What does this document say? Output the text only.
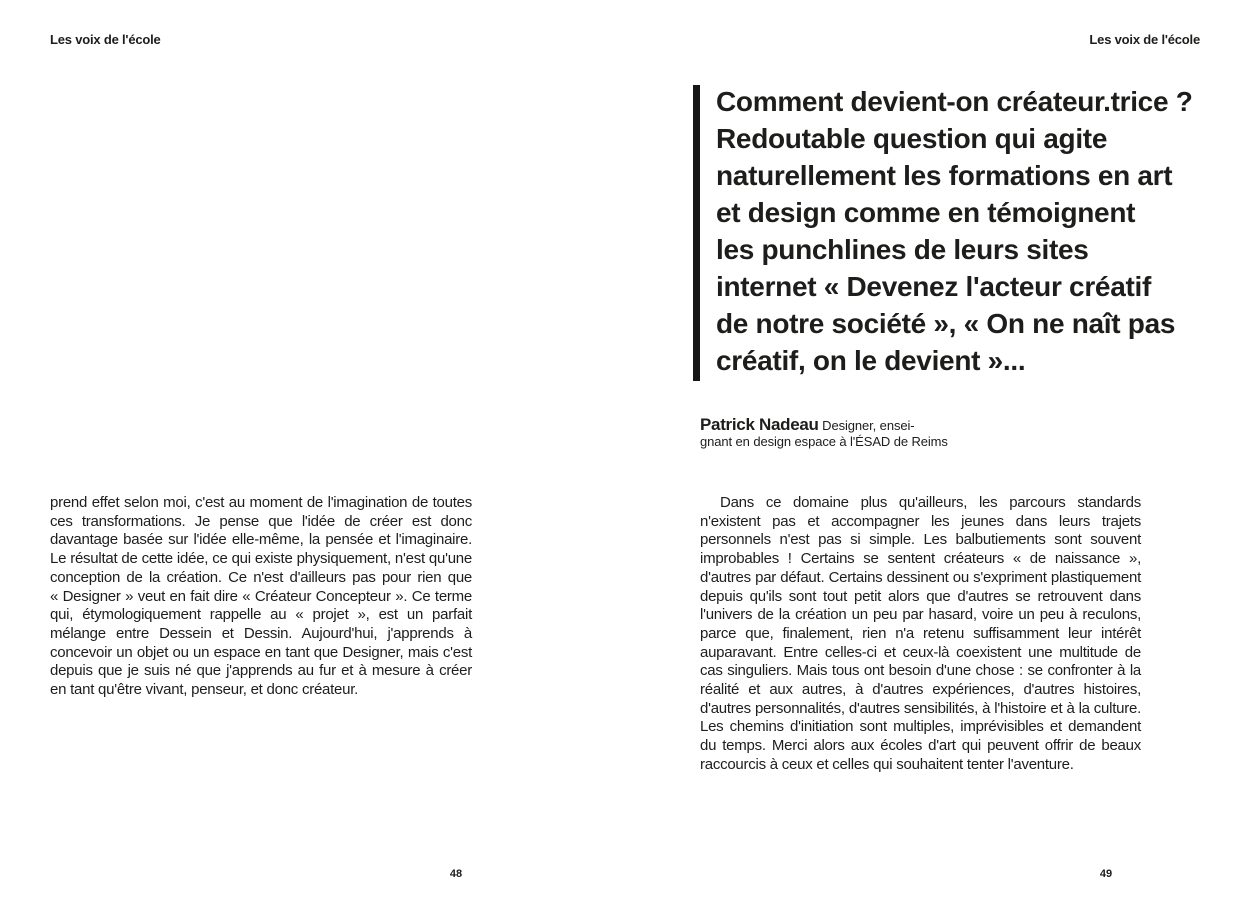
Les voix de l'école	Les voix de l'école
Comment devient-on créateur.trice ?
Redoutable question qui agite
naturellement les formations en art
et design comme en témoignent
les punchlines de leurs sites
internet « Devenez l'acteur créatif
de notre société », « On ne naît pas
créatif, on le devient »...
Patrick Nadeau Designer, ensei-
gnant en design espace à l'ÉSAD de Reims

prend effet selon moi, c'est au moment de l'imagination de toutes ces transformations. Je pense que l'idée de créer est donc davantage basée sur l'idée elle-même, la pensée et l'imaginaire. Le résultat de cette idée, ce qui existe physiquement, n'est qu'une conception de la création. Ce n'est d'ailleurs pas pour rien que « Designer » veut en fait dire « Créateur Concepteur ». Ce terme qui, étymologiquement rappelle au « projet », est un parfait mélange entre Dessein et Dessin. Aujourd'hui, j'apprends à concevoir un objet ou un espace en tant que Designer, mais c'est depuis que je suis né que j'apprends au fur et à mesure à créer en tant qu'être vivant, penseur, et donc créateur.

Dans ce domaine plus qu'ailleurs, les parcours standards n'existent pas et accompagner les jeunes dans leurs trajets personnels n'est pas si simple. Les balbutiements sont souvent improbables ! Certains se sentent créateurs « de naissance », d'autres par défaut. Certains dessinent ou s'expriment plastiquement depuis qu'ils sont tout petit alors que d'autres se retrouvent dans l'univers de la création un peu par hasard, voire un peu à reculons, parce que, finalement, rien n'a retenu suffisamment leur intérêt auparavant. Entre celles-ci et ceux-là coexistent une multitude de cas singuliers. Mais tous ont besoin d'une chose : se confronter à la réalité et aux autres, à d'autres expériences, d'autres histoires, d'autres personnalités, d'autres sensibilités, à l'histoire et à la culture. Les chemins d'initiation sont multiples, imprévisibles et demandent du temps. Merci alors aux écoles d'art qui peuvent offrir de beaux raccourcis à ceux et celles qui souhaitent tenter l'aventure.

48	49
